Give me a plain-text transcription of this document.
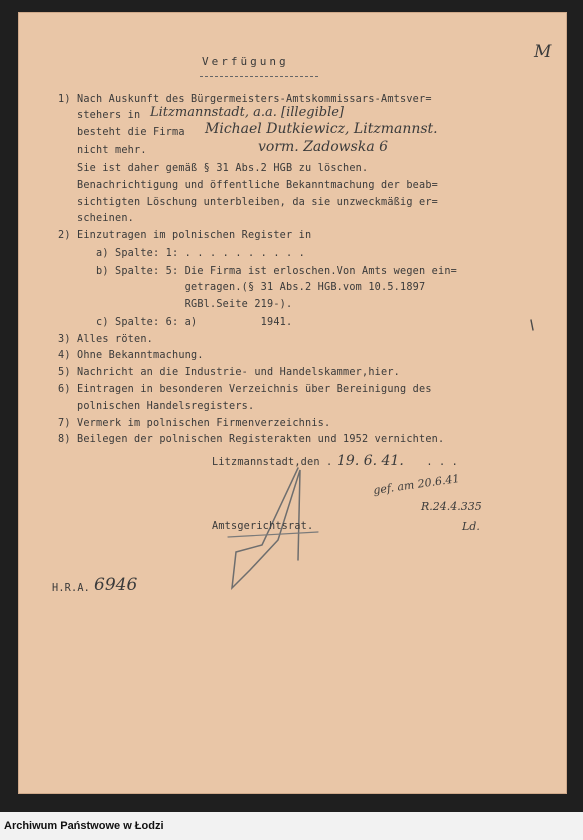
M
Verfügung
1) Nach Auskunft des Bürgermeisters-Amtskommissars-Amtsver=
stehers in
besteht die Firma
nicht mehr.
Sie ist daher gemäß § 31 Abs.2 HGB zu löschen.
Benachrichtigung und öffentliche Bekanntmachung der beab=
sichtigten Löschung unterbleiben, da sie unzweckmäßig er=
scheinen.
2) Einzutragen im polnischen Register in
a) Spalte: 1: . . . . . . . . . .
b) Spalte: 5: Die Firma ist erloschen.Von Amts wegen ein=
getragen.(§ 31 Abs.2 HGB.vom 10.5.1897
RGBl.Seite 219-).
c) Spalte: 6: a)          1941.
3) Alles röten.
4) Ohne Bekanntmachung.
5) Nachricht an die Industrie- und Handelskammer,hier.
6) Eintragen in besonderen Verzeichnis über Bereinigung des
polnischen Handelsregisters.
7) Vermerk im polnischen Firmenverzeichnis.
8) Beilegen der polnischen Registerakten und 1952 vernichten.
Litzmannstadt, a.a. [illegible]
Michael Dutkiewicz, Litzmannst.
vorm. Zadowska 6
Litzmannstadt,den . 19. 6. 41. . . .
gef. am 20.6.41
R.24.4.335
Ld.
Amtsgerichtsrat.
H.R.A. 6946
Archiwum Państwowe w Łodzi
